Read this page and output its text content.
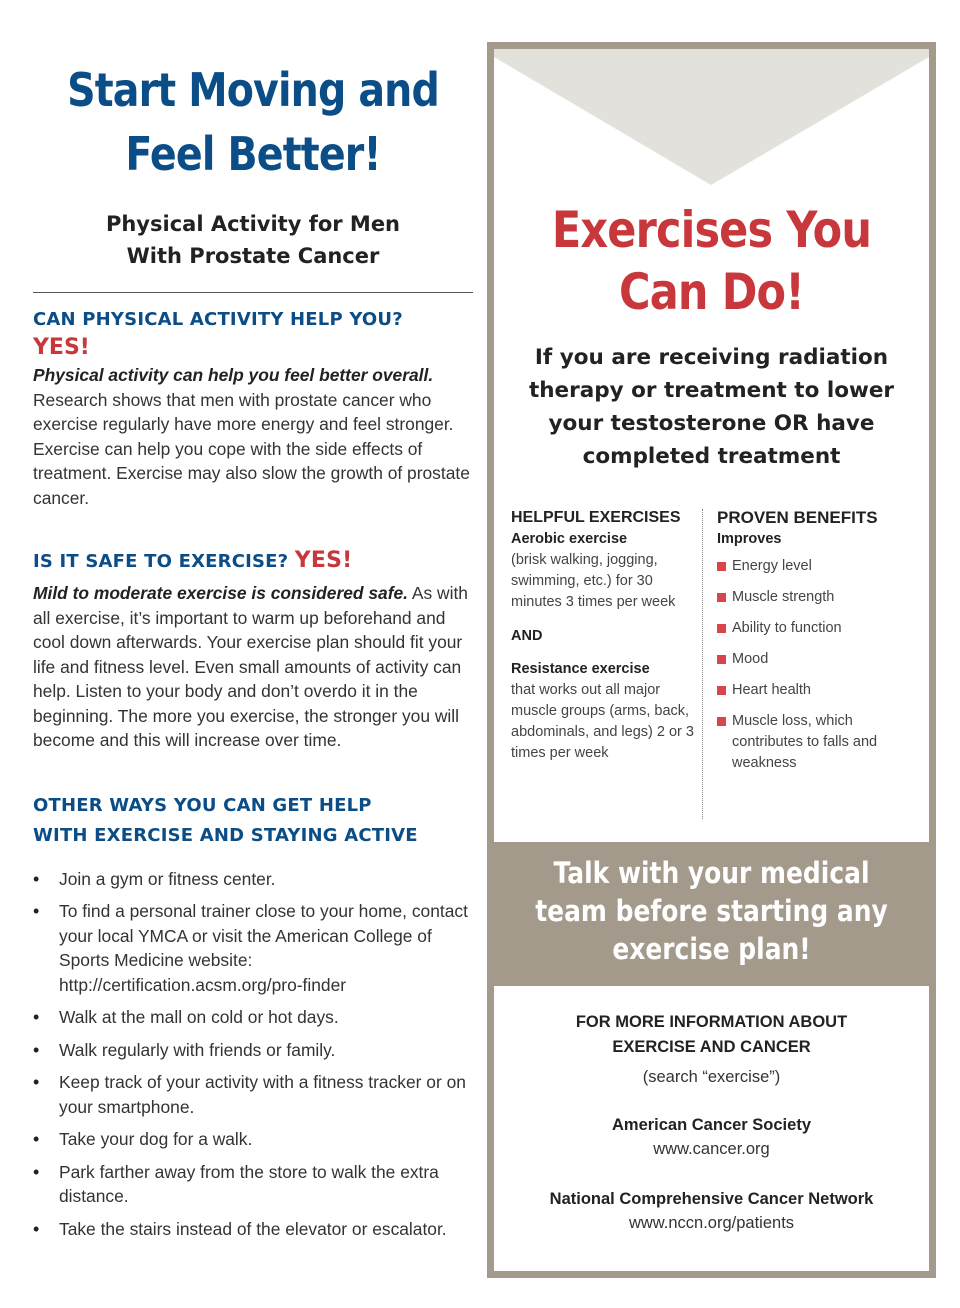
Start Moving and
Feel Better!
Physical Activity for Men
With Prostate Cancer

CAN PHYSICAL ACTIVITY HELP YOU?

YES!

Physical activity can help you feel better overall. Research shows that men with prostate cancer who exercise regularly have more energy and feel stronger. Exercise can help you cope with the side effects of treatment. Exercise may also slow the growth of prostate cancer.

IS IT SAFE TO EXERCISE? YES!

Mild to moderate exercise is considered safe. As with all exercise, it’s important to warm up beforehand and cool down afterwards. Your exercise plan should fit your life and fitness level. Even small amounts of activity can help. Listen to your body and don’t overdo it in the beginning. The more you exercise, the stronger you will become and this will increase over time.

OTHER WAYS YOU CAN GET HELP
WITH EXERCISE AND STAYING ACTIVE

• Join a gym or fitness center.
• To find a personal trainer close to your home, contact your local YMCA or visit the American College of Sports Medicine website: http://certification.acsm.org/pro-finder
• Walk at the mall on cold or hot days.
• Walk regularly with friends or family.
• Keep track of your activity with a fitness tracker or on your smartphone.
• Take your dog for a walk.
• Park farther away from the store to walk the extra distance.
• Take the stairs instead of the elevator or escalator.
Exercises You
Can Do!

If you are receiving radiation therapy or treatment to lower your testosterone OR have completed treatment

HELPFUL EXERCISES

Aerobic exercise

(brisk walking, jogging, swimming, etc.) for 30 minutes 3 times per week

AND

Resistance exercise

that works out all major muscle groups (arms, back, abdominals, and legs) 2 or 3 times per week

PROVEN BENEFITS

Improves

Energy level
Muscle strength
Ability to function
Mood
Heart health
Muscle loss, which contributes to falls and weakness

Talk with your medical
team before starting any
exercise plan!

FOR MORE INFORMATION ABOUT
EXERCISE AND CANCER

(search “exercise”)

American Cancer Society

www.cancer.org

National Comprehensive Cancer Network

www.nccn.org/patients
